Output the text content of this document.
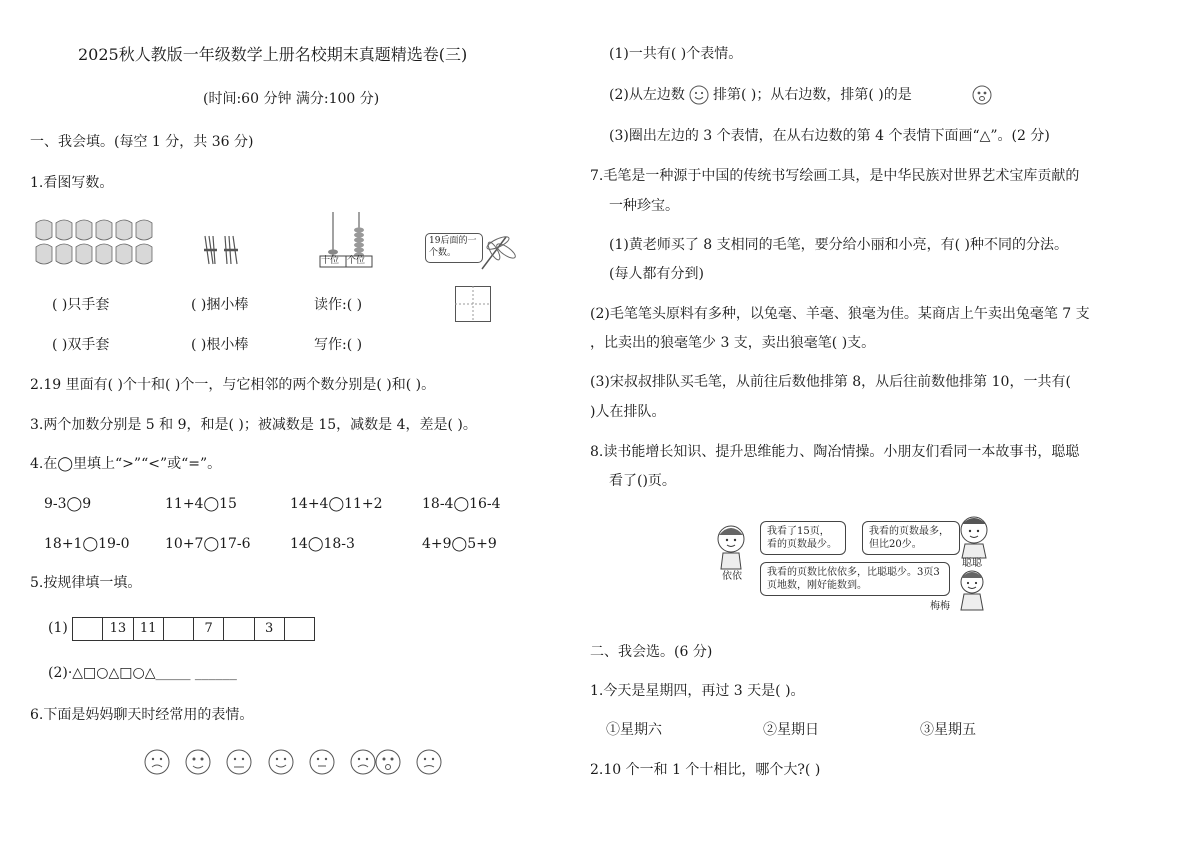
2025秋人教版一年级数学上册名校期末真题精选卷(三)
(时间:60 分钟 满分:100 分)
一、我会填。(每空 1 分，共 36 分)
1.看图写数。
十位 个位
19后面的一个数。
( )只手套	( )捆小棒	读作:( )
( )双手套	( )根小棒	写作:( )
2.19 里面有( )个十和( )个一，与它相邻的两个数分别是( )和( )。
3.两个加数分别是 5 和 9，和是( )；被减数是 15，减数是 4，差是( )。
4.在◯里填上“>”“<”或“=”。
9-3◯9	11+4◯15	14+4◯11+2	18-4◯16-4
18+1◯19-0	10+7◯17-6	14◯18-3	4+9◯5+9
5.按规律填一填。
(1)	13	11	7	3
(2)·△□○△□○△_____ ______
6.下面是妈妈聊天时经常用的表情。
(1)一共有( )个表情。
(2)从左边数 排第( )；从右边数，排第( )的是
(3)圈出左边的 3 个表情，在从右边数的第 4 个表情下面画“△”。(2 分)
7.毛笔是一种源于中国的传统书写绘画工具，是中华民族对世界艺术宝库贡献的
一种珍宝。
(1)黄老师买了 8 支相同的毛笔，要分给小丽和小亮，有( )种不同的分法。
(每人都有分到)
(2)毛笔笔头原料有多种，以兔毫、羊毫、狼毫为佳。某商店上午卖出兔毫笔 7 支
，比卖出的狼毫笔少 3 支，卖出狼毫笔( )支。
(3)宋叔叔排队买毛笔，从前往后数他排第 8，从后往前数他排第 10，一共有(
)人在排队。
8.读书能增长知识、提升思维能力、陶冶情操。小朋友们看同一本故事书，聪聪
看了()页。
依依
我看了15页，看的页数最少。
我看的页数最多，但比20少。
聪聪
我看的页数比依依多，比聪聪少。3页3页地数，刚好能数到。
梅梅
二、我会选。(6 分)
1.今天是星期四，再过 3 天是( )。
①星期六	②星期日	③星期五
2.10 个一和 1 个十相比，哪个大?( )
